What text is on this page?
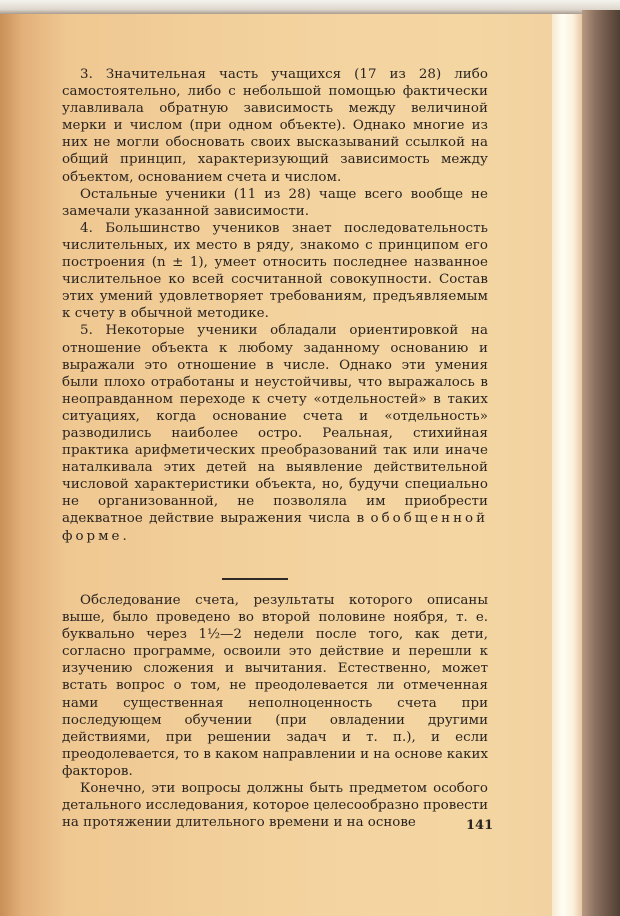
3. Значительная часть учащихся (17 из 28) либо самостоятельно, либо с небольшой помощью фактически улавливала обратную зависимость между величиной мерки и числом (при одном объекте). Однако многие из них не могли обосновать своих высказываний ссылкой на общий принцип, характеризующий зависимость между объектом, основанием счета и числом.

Остальные ученики (11 из 28) чаще всего вообще не замечали указанной зависимости.

4. Большинство учеников знает последовательность числительных, их место в ряду, знакомо с принципом его построения (n ± 1), умеет относить последнее названное числительное ко всей сосчитанной совокупности. Состав этих умений удовлетворяет требованиям, предъявляемым к счету в обычной методике.

5. Некоторые ученики обладали ориентировкой на отношение объекта к любому заданному основанию и выражали это отношение в числе. Однако эти умения были плохо отработаны и неустойчивы, что выражалось в неоправданном переходе к счету «отдельностей» в таких ситуациях, когда основание счета и «отдельность» разводились наиболее остро. Реальная, стихийная практика арифметических преобразований так или иначе наталкивала этих детей на выявление действительной числовой характеристики объекта, но, будучи специально не организованной, не позволяла им приобрести адекватное действие выражения числа в обобщенной форме.

Обследование счета, результаты которого описаны выше, было проведено во второй половине ноября, т. е. буквально через 1½—2 недели после того, как дети, согласно программе, освоили это действие и перешли к изучению сложения и вычитания. Естественно, может встать вопрос о том, не преодолевается ли отмеченная нами существенная неполноценность счета при последующем обучении (при овладении другими действиями, при решении задач и т. п.), и если преодолевается, то в каком направлении и на основе каких факторов.

Конечно, эти вопросы должны быть предметом особого детального исследования, которое целесообразно провести на протяжении длительного времени и на основе	141
